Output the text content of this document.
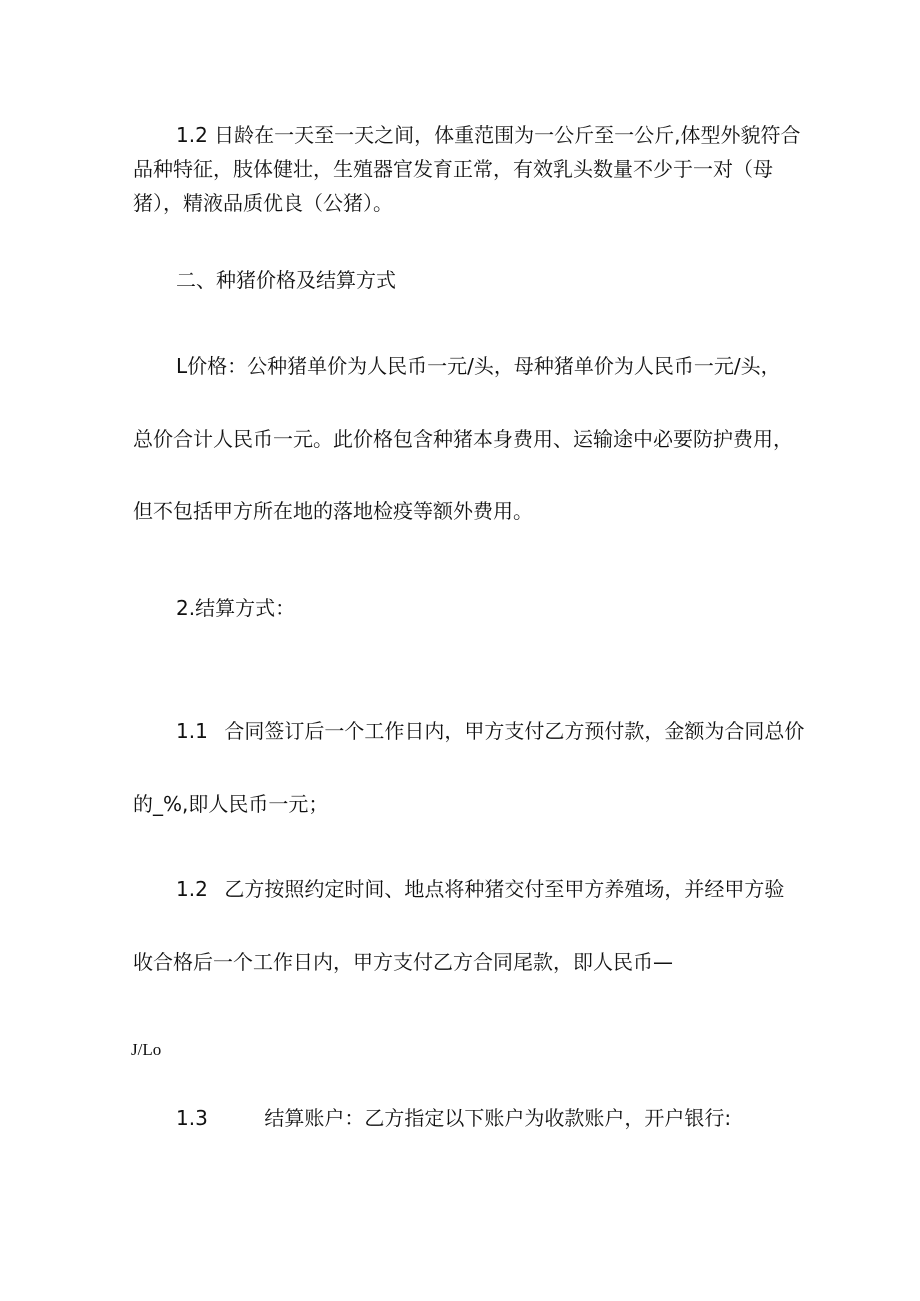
1.2 日龄在一天至一天之间，体重范围为一公斤至一公斤,体型外貌符合
品种特征，肢体健壮，生殖器官发育正常，有效乳头数量不少于一对（母
猪），精液品质优良（公猪）。
二、种猪价格及结算方式
L价格：公种猪单价为人民币一元/头，母种猪单价为人民币一元/头，
总价合计人民币一元。此价格包含种猪本身费用、运输途中必要防护费用，
但不包括甲方所在地的落地检疫等额外费用。
2.结算方式：
1.1 合同签订后一个工作日内，甲方支付乙方预付款，金额为合同总价
的_%,即人民币一元；
1.2 乙方按照约定时间、地点将种猪交付至甲方养殖场，并经甲方验
收合格后一个工作日内，甲方支付乙方合同尾款，即人民币—
J/Lo
1.3	结算账户：乙方指定以下账户为收款账户，开户银行:
